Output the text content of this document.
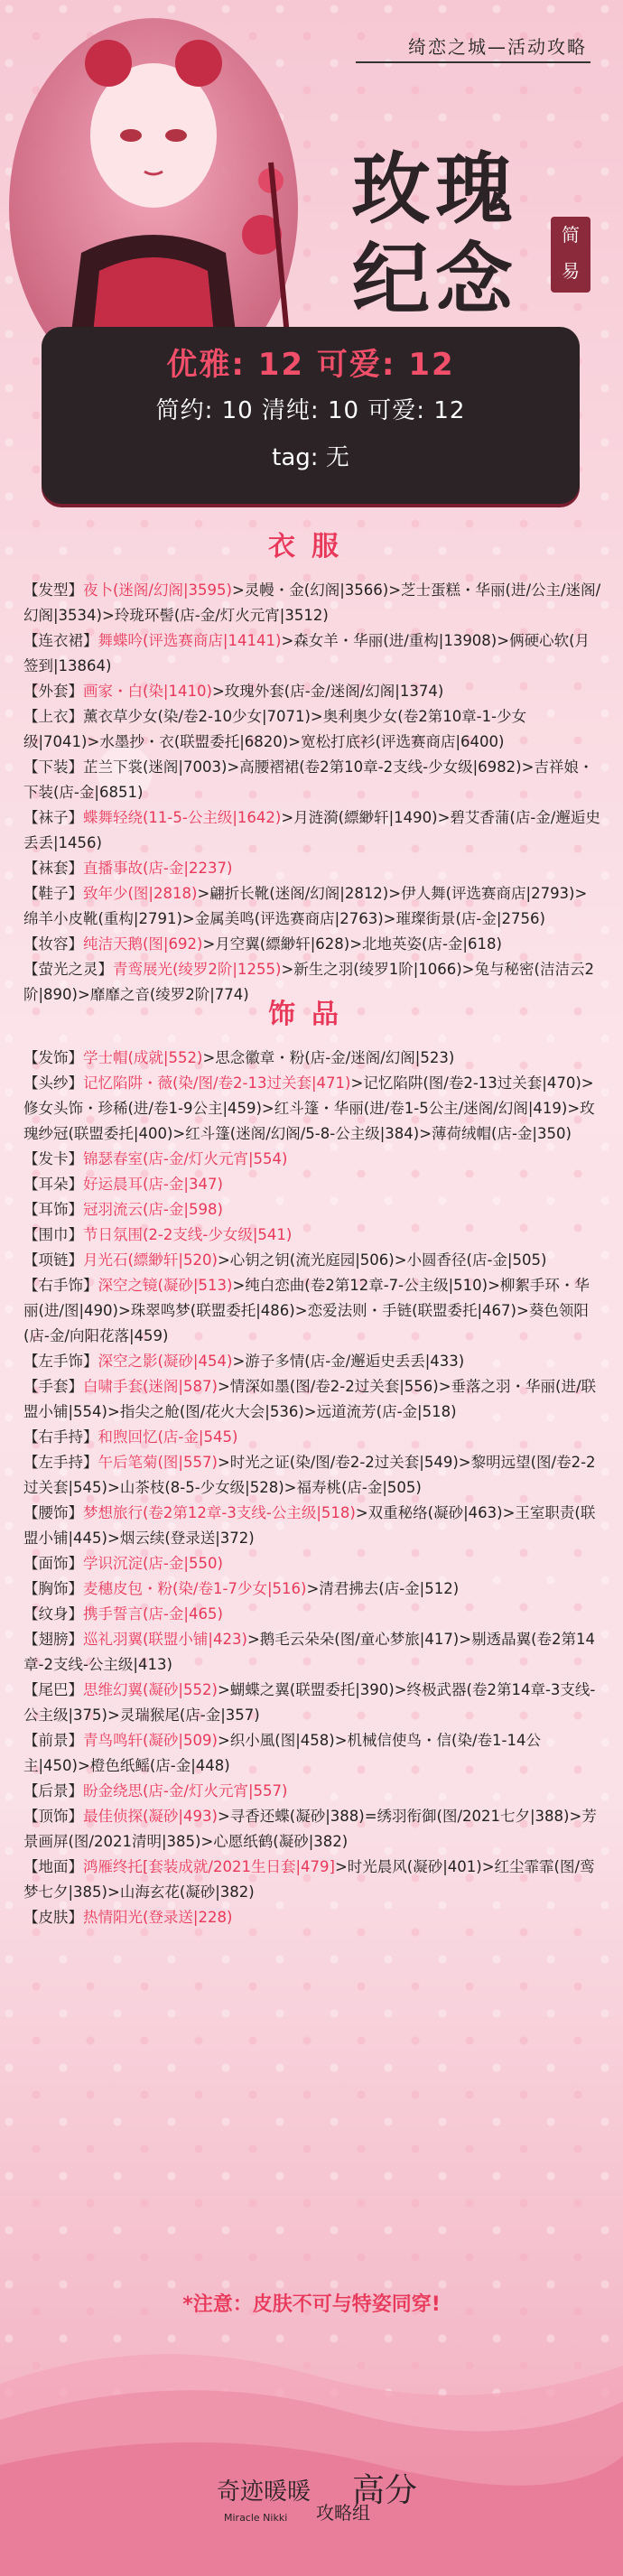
绮恋之城—活动攻略
玫瑰
纪念	简
易
优雅: 12 可爱: 12
简约: 10 清纯: 10 可爱: 12
tag: 无
衣服
【发型】夜卜(迷阁/幻阁|3595)>灵幔・金(幻阁|3566)>芝士蛋糕・华丽(进/公主/迷阁/幻阁|3534)>玲珑环髻(店-金/灯火元宵|3512)
【连衣裙】舞蝶吟(评选赛商店|14141)>森女羊・华丽(进/重构|13908)>俩硬心软(月签到|13864)
【外套】画家・白(染|1410)>玫瑰外套(店-金/迷阁/幻阁|1374)
【上衣】薰衣草少女(染/卷2-10少女|7071)>奥利奥少女(卷2第10章-1-少女级|7041)>水墨抄・衣(联盟委托|6820)>宽松打底衫(评选赛商店|6400)
【下装】芷兰下裳(迷阁|7003)>高腰褶裙(卷2第10章-2支线-少女级|6982)>吉祥娘・下装(店-金|6851)
【袜子】蝶舞轻绕(11-5-公主级|1642)>月涟漪(縹緲轩|1490)>碧艾香蒲(店-金/邂逅史丢丢|1456)
【袜套】直播事故(店-金|2237)
【鞋子】致年少(图|2818)>翩折长靴(迷阁/幻阁|2812)>伊人舞(评选赛商店|2793)>绵羊小皮靴(重构|2791)>金属美鸣(评选赛商店|2763)>璀璨街景(店-金|2756)
【妆容】纯洁天鹅(图|692)>月空翼(縹緲轩|628)>北地英姿(店-金|618)
【萤光之灵】青鸾展光(绫罗2阶|1255)>新生之羽(绫罗1阶|1066)>兔与秘密(洁洁云2阶|890)>靡靡之音(绫罗2阶|774)
饰品
【发饰】学士帽(成就|552)>思念徽章・粉(店-金/迷阁/幻阁|523)
【头纱】记忆陷阱・薇(染/图/卷2-13过关套|471)>记忆陷阱(图/卷2-13过关套|470)>修女头饰・珍稀(进/卷1-9公主|459)>红斗篷・华丽(进/卷1-5公主/迷阁/幻阁|419)>玫瑰纱冠(联盟委托|400)>红斗篷(迷阁/幻阁/5-8-公主级|384)>薄荷绒帽(店-金|350)
【发卡】锦瑟春室(店-金/灯火元宵|554)
【耳朵】好运晨耳(店-金|347)
【耳饰】冠羽流云(店-金|598)
【围巾】节日氛围(2-2支线-少女级|541)
【项链】月光石(縹緲轩|520)>心钥之钥(流光庭园|506)>小圆香径(店-金|505)
【右手饰】深空之镜(凝砂|513)>纯白恋曲(卷2第12章-7-公主级|510)>柳絮手环・华丽(进/图|490)>珠翠鸣梦(联盟委托|486)>恋爱法则・手链(联盟委托|467)>葵色领阳(店-金/向阳花落|459)
【左手饰】深空之影(凝砂|454)>游子多情(店-金/邂逅史丢丢|433)
【手套】白啸手套(迷阁|587)>情深如墨(图/卷2-2过关套|556)>垂落之羽・华丽(进/联盟小铺|554)>指尖之舱(图/花火大会|536)>远道流芳(店-金|518)
【右手持】和煦回忆(店-金|545)
【左手持】午后笔菊(图|557)>时光之证(染/图/卷2-2过关套|549)>黎明远望(图/卷2-2过关套|545)>山茶枝(8-5-少女级|528)>福寿桃(店-金|505)
【腰饰】梦想旅行(卷2第12章-3支线-公主级|518)>双重秘络(凝砂|463)>王室职责(联盟小铺|445)>烟云续(登录送|372)
【面饰】学识沉淀(店-金|550)
【胸饰】麦穗皮包・粉(染/卷1-7少女|516)>清君拂去(店-金|512)
【纹身】携手誓言(店-金|465)
【翅膀】巡礼羽翼(联盟小铺|423)>鹅毛云朵朵(图/童心梦旅|417)>剔透晶翼(卷2第14章-2支线-公主级|413)
【尾巴】思维幻翼(凝砂|552)>蝴蝶之翼(联盟委托|390)>终极武器(卷2第14章-3支线-公主级|375)>灵瑞猴尾(店-金|357)
【前景】青鸟鸣轩(凝砂|509)>织小風(图|458)>机械信使鸟・信(染/卷1-14公主|450)>橙色纸鳐(店-金|448)
【后景】盼金绕思(店-金/灯火元宵|557)
【顶饰】最佳侦探(凝砂|493)>寻香还蝶(凝砂|388)=绣羽衔御(图/2021七夕|388)>芳景画屏(图/2021清明|385)>心愿纸鹤(凝砂|382)
【地面】鸿雁终托[套装成就/2021生日套|479]>时光晨风(凝砂|401)>红尘霏霏(图/鸾梦七夕|385)>山海玄花(凝砂|382)
【皮肤】热情阳光(登录送|228)
*注意：皮肤不可与特姿同穿!
奇迹暖暖
Miracle Nikki 攻略组
高分
